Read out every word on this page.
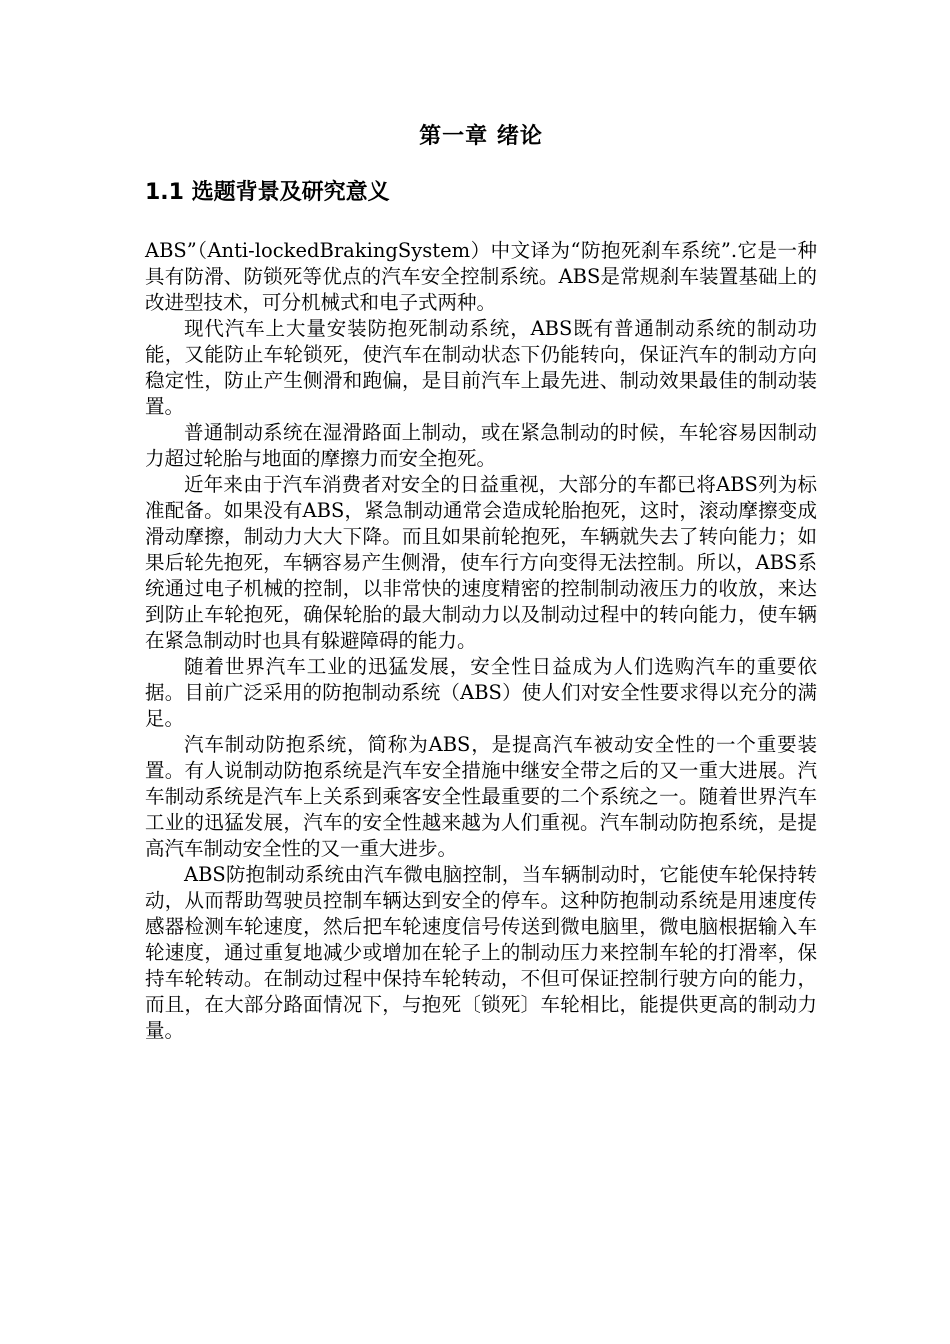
第一章 绪论
1.1 选题背景及研究意义

ABS”（Anti-lockedBrakingSystem）中文译为“防抱死刹车系统”.它是一种具有防滑、防锁死等优点的汽车安全控制系统。ABS是常规刹车装置基础上的改进型技术，可分机械式和电子式两种。

现代汽车上大量安装防抱死制动系统，ABS既有普通制动系统的制动功能，又能防止车轮锁死，使汽车在制动状态下仍能转向，保证汽车的制动方向稳定性，防止产生侧滑和跑偏，是目前汽车上最先进、制动效果最佳的制动装置。

普通制动系统在湿滑路面上制动，或在紧急制动的时候，车轮容易因制动力超过轮胎与地面的摩擦力而安全抱死。

近年来由于汽车消费者对安全的日益重视，大部分的车都已将ABS列为标准配备。如果没有ABS，紧急制动通常会造成轮胎抱死，这时，滚动摩擦变成滑动摩擦，制动力大大下降。而且如果前轮抱死，车辆就失去了转向能力；如果后轮先抱死，车辆容易产生侧滑，使车行方向变得无法控制。所以，ABS系统通过电子机械的控制，以非常快的速度精密的控制制动液压力的收放，来达到防止车轮抱死，确保轮胎的最大制动力以及制动过程中的转向能力，使车辆在紧急制动时也具有躲避障碍的能力。

随着世界汽车工业的迅猛发展，安全性日益成为人们选购汽车的重要依据。目前广泛采用的防抱制动系统（ABS）使人们对安全性要求得以充分的满足。

汽车制动防抱系统，简称为ABS，是提高汽车被动安全性的一个重要装置。有人说制动防抱系统是汽车安全措施中继安全带之后的又一重大进展。汽车制动系统是汽车上关系到乘客安全性最重要的二个系统之一。随着世界汽车工业的迅猛发展，汽车的安全性越来越为人们重视。汽车制动防抱系统，是提高汽车制动安全性的又一重大进步。

ABS防抱制动系统由汽车微电脑控制，当车辆制动时，它能使车轮保持转动，从而帮助驾驶员控制车辆达到安全的停车。这种防抱制动系统是用速度传感器检测车轮速度，然后把车轮速度信号传送到微电脑里，微电脑根据输入车轮速度，通过重复地减少或增加在轮子上的制动压力来控制车轮的打滑率，保持车轮转动。在制动过程中保持车轮转动，不但可保证控制行驶方向的能力，而且，在大部分路面情况下，与抱死〔锁死〕车轮相比，能提供更高的制动力量。
